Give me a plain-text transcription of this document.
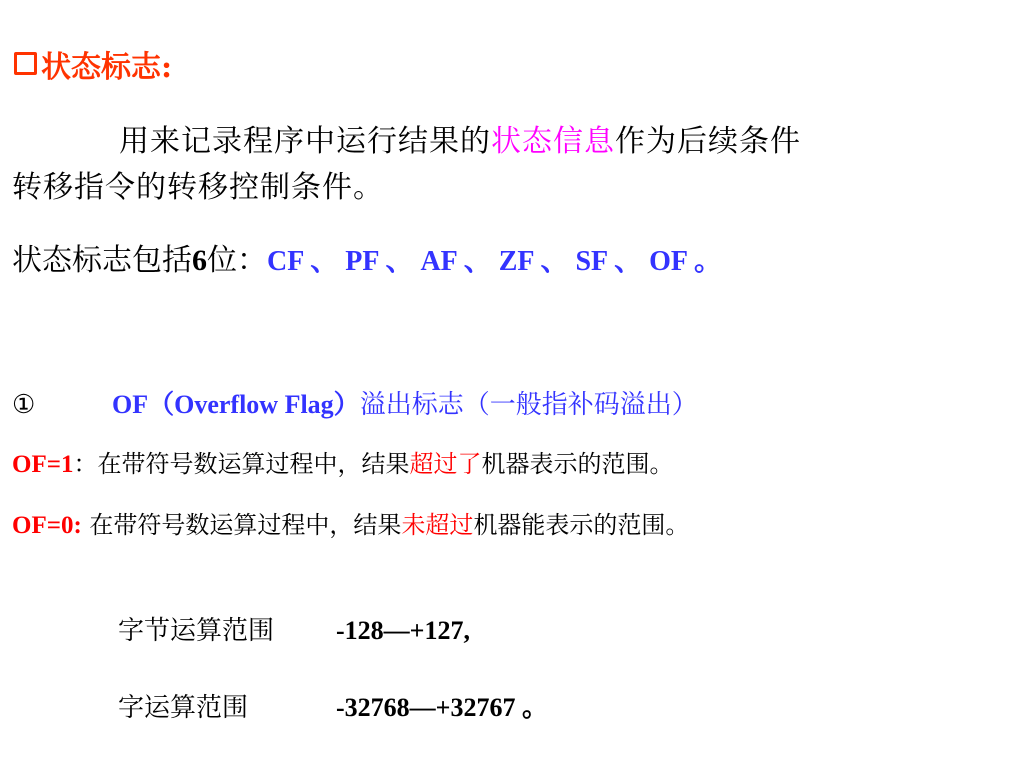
状态标志:
用来记录程序中运行结果的状态信息作为后续条件
转移指令的转移控制条件。
状态标志包括6位：CF 、 PF 、 AF 、 ZF 、 SF 、 OF 。
①	OF（Overflow Flag）溢出标志（一般指补码溢出）
OF=1：在带符号数运算过程中，结果超过了机器表示的范围。
OF=0: 在带符号数运算过程中，结果未超过机器能表示的范围。
字节运算范围 -128—+127,
字运算范围	-32768—+32767 。
